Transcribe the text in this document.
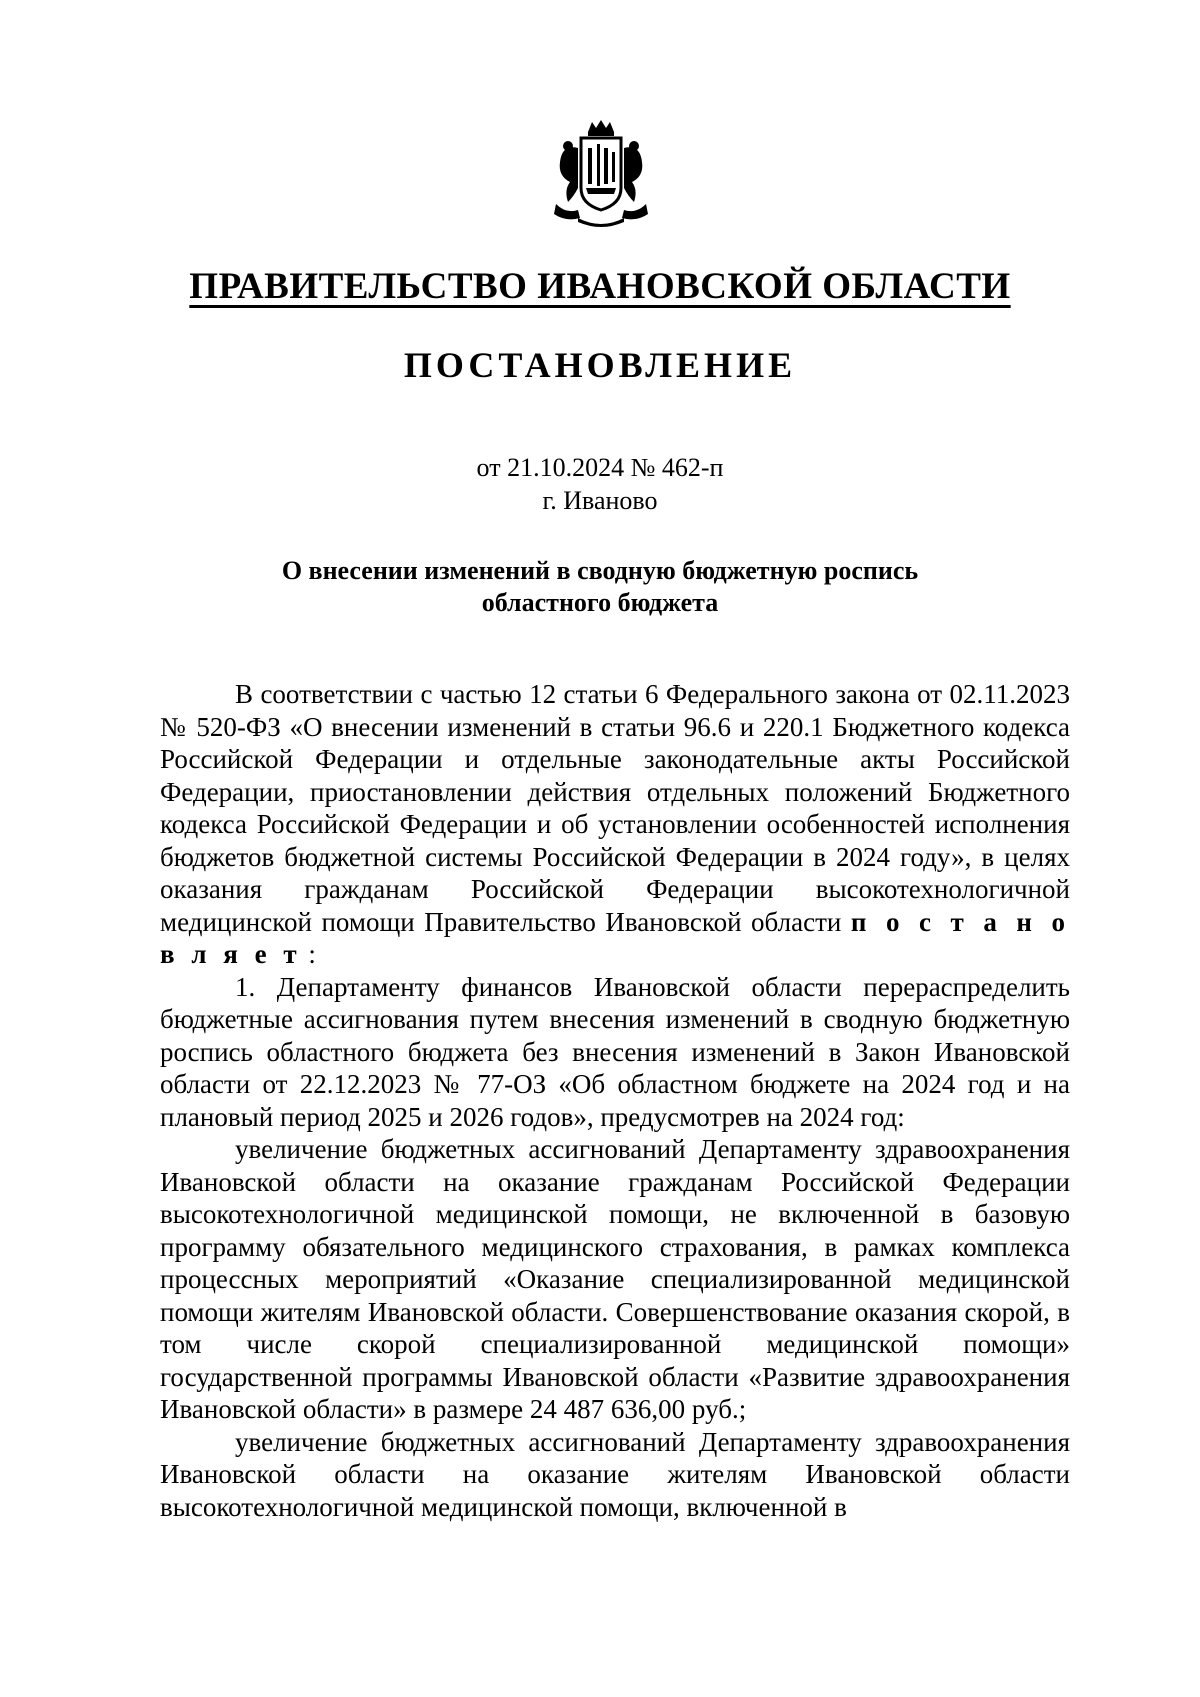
ПРАВИТЕЛЬСТВО ИВАНОВСКОЙ ОБЛАСТИ
ПОСТАНОВЛЕНИЕ
от 21.10.2024 № 462-п
г. Иваново
О внесении изменений в сводную бюджетную роспись
областного бюджета

В соответствии с частью 12 статьи 6 Федерального закона от 02.11.2023 № 520-ФЗ «О внесении изменений в статьи 96.6 и 220.1 Бюджетного кодекса Российской Федерации и отдельные законодательные акты Российской Федерации, приостановлении действия отдельных положений Бюджетного кодекса Российской Федерации и об установлении особенностей исполнения бюджетов бюджетной системы Российской Федерации в 2024 году», в целях оказания гражданам Российской Федерации высокотехнологичной медицинской помощи Правительство Ивановской области п о с т а н о в л я е т :

1. Департаменту финансов Ивановской области перераспределить бюджетные ассигнования путем внесения изменений в сводную бюджетную роспись областного бюджета без внесения изменений в Закон Ивановской области от 22.12.2023 № 77-ОЗ «Об областном бюджете на 2024 год и на плановый период 2025 и 2026 годов», предусмотрев на 2024 год:

увеличение бюджетных ассигнований Департаменту здравоохранения Ивановской области на оказание гражданам Российской Федерации высокотехнологичной медицинской помощи, не включенной в базовую программу обязательного медицинского страхования, в рамках комплекса процессных мероприятий «Оказание специализированной медицинской помощи жителям Ивановской области. Совершенствование оказания скорой, в том числе скорой специализированной медицинской помощи» государственной программы Ивановской области «Развитие здравоохранения Ивановской области» в размере 24 487 636,00 руб.;

увеличение бюджетных ассигнований Департаменту здравоохранения Ивановской области на оказание жителям Ивановской области высокотехнологичной медицинской помощи, включенной в
